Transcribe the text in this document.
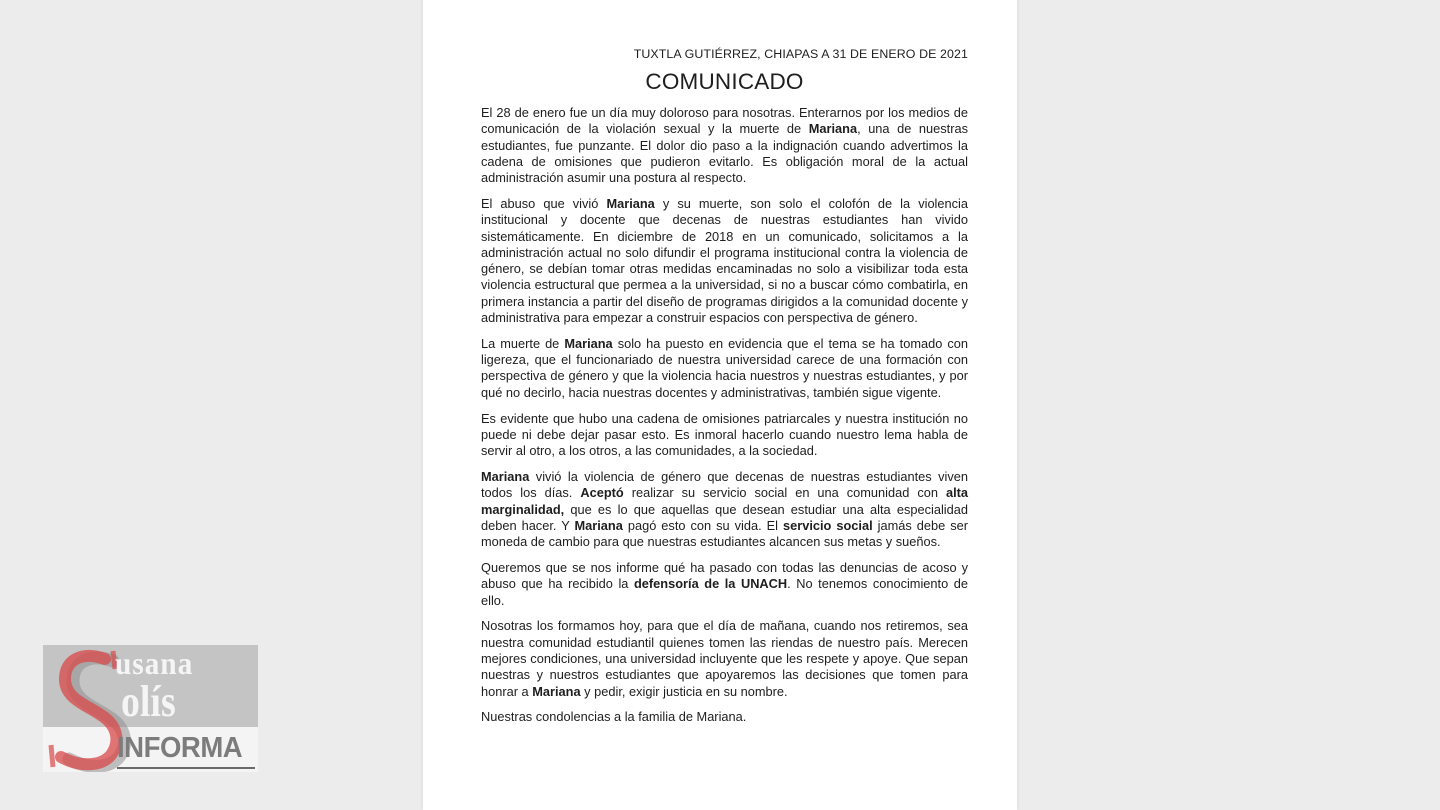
TUXTLA GUTIÉRREZ, CHIAPAS A 31 DE ENERO DE 2021

COMUNICADO

El 28 de enero fue un día muy doloroso para nosotras. Enterarnos por los medios de comunicación de la violación sexual y la muerte de Mariana, una de nuestras estudiantes, fue punzante. El dolor dio paso a la indignación cuando advertimos la cadena de omisiones que pudieron evitarlo. Es obligación moral de la actual administración asumir una postura al respecto.

El abuso que vivió Mariana y su muerte, son solo el colofón de la violencia institucional y docente que decenas de nuestras estudiantes han vivido sistemáticamente. En diciembre de 2018 en un comunicado, solicitamos a la administración actual no solo difundir el programa institucional contra la violencia de género, se debían tomar otras medidas encaminadas no solo a visibilizar toda esta violencia estructural que permea a la universidad, si no a buscar cómo combatirla, en primera instancia a partir del diseño de programas dirigidos a la comunidad docente y administrativa para empezar a construir espacios con perspectiva de género.

La muerte de Mariana solo ha puesto en evidencia que el tema se ha tomado con ligereza, que el funcionariado de nuestra universidad carece de una formación con perspectiva de género y que la violencia hacia nuestros y nuestras estudiantes, y por qué no decirlo, hacia nuestras docentes y administrativas, también sigue vigente.

Es evidente que hubo una cadena de omisiones patriarcales y nuestra institución no puede ni debe dejar pasar esto. Es inmoral hacerlo cuando nuestro lema habla de servir al otro, a los otros, a las comunidades, a la sociedad.

Mariana vivió la violencia de género que decenas de nuestras estudiantes viven todos los días. Aceptó realizar su servicio social en una comunidad con alta marginalidad, que es lo que aquellas que desean estudiar una alta especialidad deben hacer. Y Mariana pagó esto con su vida. El servicio social jamás debe ser moneda de cambio para que nuestras estudiantes alcancen sus metas y sueños.

Queremos que se nos informe qué ha pasado con todas las denuncias de acoso y abuso que ha recibido la defensoría de la UNACH. No tenemos conocimiento de ello.

Nosotras los formamos hoy, para que el día de mañana, cuando nos retiremos, sea nuestra comunidad estudiantil quienes tomen las riendas de nuestro país. Merecen mejores condiciones, una universidad incluyente que les respete y apoye. Que sepan nuestras y nuestros estudiantes que apoyaremos las decisiones que tomen para honrar a Mariana y pedir, exigir justicia en su nombre.

Nuestras condolencias a la familia de Mariana.

usana
olís
INFORMA
